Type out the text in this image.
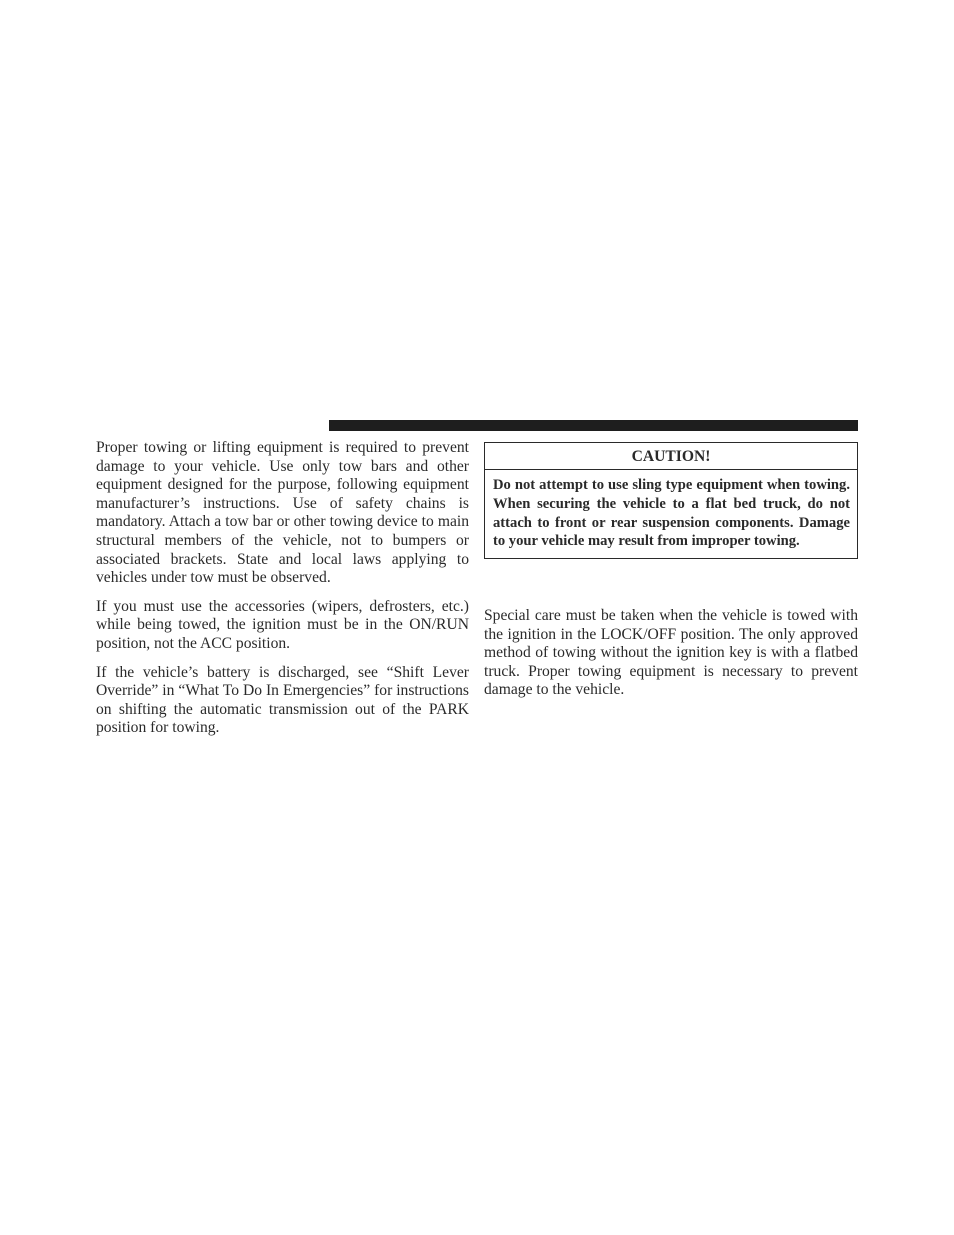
Proper towing or lifting equipment is required to prevent damage to your vehicle. Use only tow bars and other equipment designed for the purpose, following equipment manufacturer’s instructions. Use of safety chains is mandatory. Attach a tow bar or other towing device to main structural members of the vehicle, not to bumpers or associated brackets. State and local laws applying to vehicles under tow must be observed.

If you must use the accessories (wipers, defrosters, etc.) while being towed, the ignition must be in the ON/RUN position, not the ACC position.

If the vehicle’s battery is discharged, see “Shift Lever Override” in “What To Do In Emergencies” for instructions on shifting the automatic transmission out of the PARK position for towing.

CAUTION!
Do not attempt to use sling type equipment when towing. When securing the vehicle to a flat bed truck, do not attach to front or rear suspension components. Damage to your vehicle may result from improper towing.

Special care must be taken when the vehicle is towed with the ignition in the LOCK/OFF position. The only approved method of towing without the ignition key is with a flatbed truck. Proper towing equipment is necessary to prevent damage to the vehicle.
